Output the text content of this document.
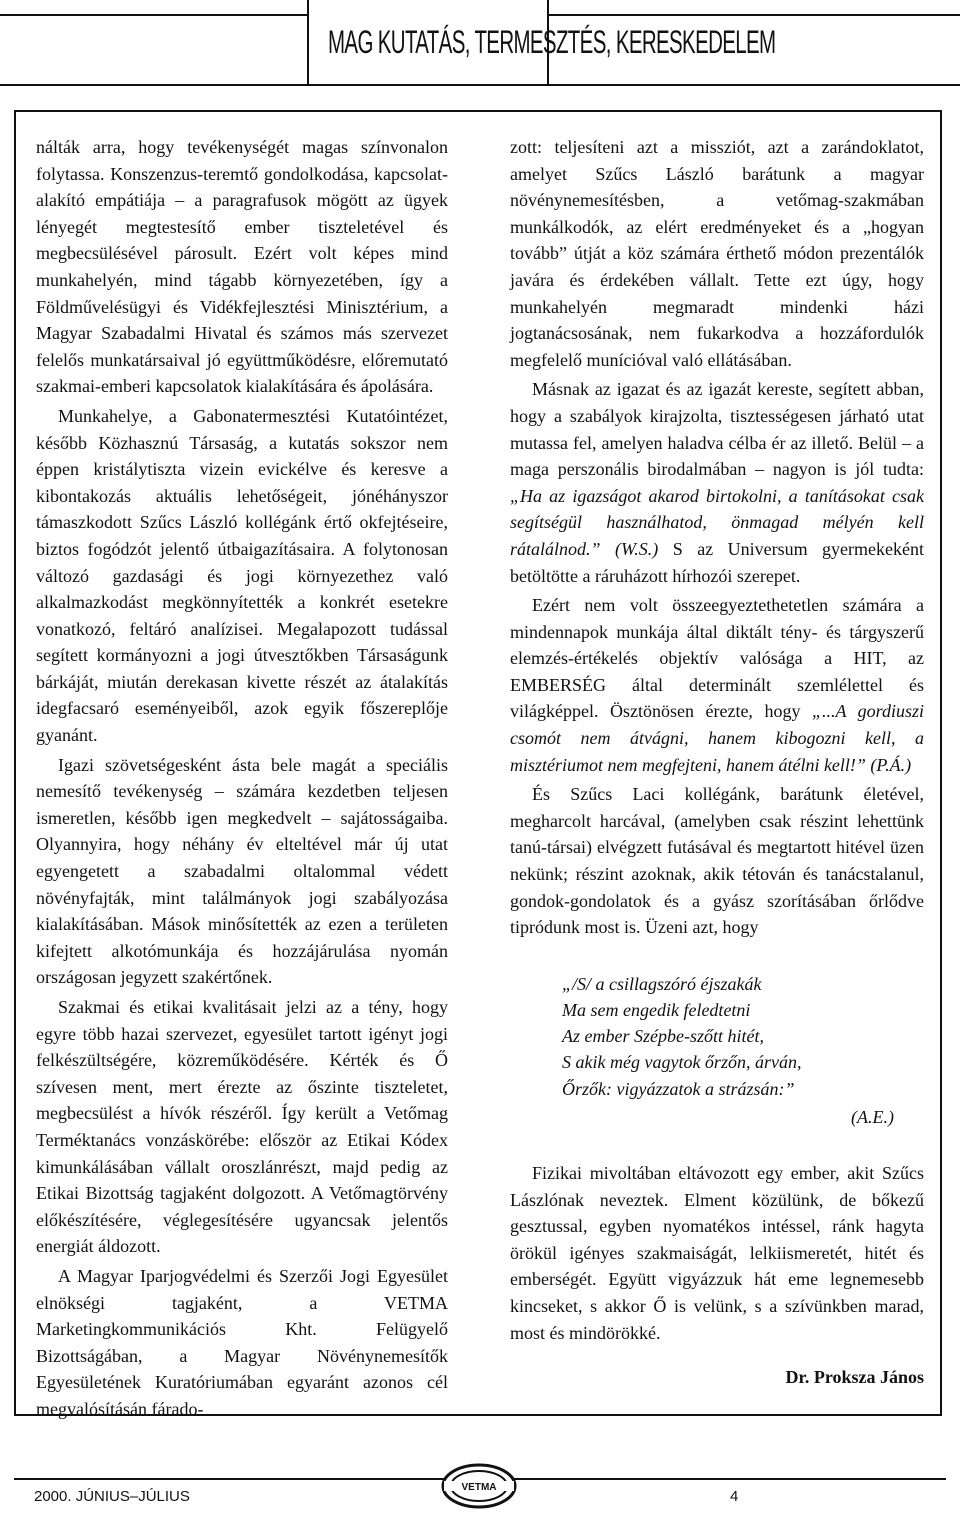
MAG KUTATÁS, TERMESZTÉS, KERESKEDELEM

nálták arra, hogy tevékenységét magas színvonalon folytassa. Konszenzus-teremtő gondolkodása, kapcsolat-alakító empátiája – a paragrafusok mögött az ügyek lényegét megtestesítő ember tiszteletével és megbecsülésével párosult. Ezért volt képes mind munkahelyén, mind tágabb környezetében, így a Földművelésügyi és Vidékfejlesztési Minisztérium, a Magyar Szabadalmi Hivatal és számos más szervezet felelős munkatársaival jó együttműködésre, előremutató szakmai-emberi kapcsolatok kialakítására és ápolására.

Munkahelye, a Gabonatermesztési Kutatóintézet, később Közhasznú Társaság, a kutatás sokszor nem éppen kristálytiszta vizein evickélve és keresve a kibontakozás aktuális lehetőségeit, jónéhányszor támaszkodott Szűcs László kollégánk értő okfejtéseire, biztos fogódzót jelentő útbaigazításaira. A folytonosan változó gazdasági és jogi környezethez való alkalmazkodást megkönnyítették a konkrét esetekre vonatkozó, feltáró analízisei. Megalapozott tudással segített kormányozni a jogi útvesztőkben Társaságunk bárkáját, miután derekasan kivette részét az átalakítás idegfacsaró eseményeiből, azok egyik főszereplője gyanánt.

Igazi szövetségesként ásta bele magát a speciális nemesítő tevékenység – számára kezdetben teljesen ismeretlen, később igen megkedvelt – sajátosságaiba. Olyannyira, hogy néhány év elteltével már új utat egyengetett a szabadalmi oltalommal védett növényfajták, mint találmányok jogi szabályozása kialakításában. Mások minősítették az ezen a területen kifejtett alkotómunkája és hozzájárulása nyomán országosan jegyzett szakértőnek.

Szakmai és etikai kvalitásait jelzi az a tény, hogy egyre több hazai szervezet, egyesület tartott igényt jogi felkészültségére, közreműködésére. Kérték és Ő szívesen ment, mert érezte az őszinte tiszteletet, megbecsülést a hívók részéről. Így került a Vetőmag Terméktanács vonzáskörébe: először az Etikai Kódex kimunkálásában vállalt oroszlánrészt, majd pedig az Etikai Bizottság tagjaként dolgozott. A Vetőmagtörvény előkészítésére, véglegesítésére ugyancsak jelentős energiát áldozott.

A Magyar Iparjogvédelmi és Szerzői Jogi Egyesület elnökségi tagjaként, a VETMA Marketingkommunikációs Kht. Felügyelő Bizottságában, a Magyar Növénynemesítők Egyesületének Kuratóriumában egyaránt azonos cél megvalósításán fárado-

zott: teljesíteni azt a missziót, azt a zarándoklatot, amelyet Szűcs László barátunk a magyar növénynemesítésben, a vetőmag-szakmában munkálkodók, az elért eredményeket és a „hogyan tovább” útját a köz számára érthető módon prezentálók javára és érdekében vállalt. Tette ezt úgy, hogy munkahelyén megmaradt mindenki házi jogtanácsosának, nem fukarkodva a hozzáfordulók megfelelő munícióval való ellátásában.

Másnak az igazat és az igazát kereste, segített abban, hogy a szabályok kirajzolta, tisztességesen járható utat mutassa fel, amelyen haladva célba ér az illető. Belül – a maga perszonális birodalmában – nagyon is jól tudta: „Ha az igazságot akarod birtokolni, a tanításokat csak segítségül használhatod, önmagad mélyén kell rátalálnod.” (W.S.) S az Universum gyermekeként betöltötte a ráruházott hírhozói szerepet.

Ezért nem volt összeegyeztethetetlen számára a mindennapok munkája által diktált tény- és tárgyszerű elemzés-értékelés objektív valósága a HIT, az EMBERSÉG által determinált szemlélettel és világképpel. Ösztönösen érezte, hogy „...A gordiuszi csomót nem átvágni, hanem kibogozni kell, a misztériumot nem megfejteni, hanem átélni kell!” (P.Á.)

És Szűcs Laci kollégánk, barátunk életével, megharcolt harcával, (amelyben csak részint lehettünk tanú-társai) elvégzett futásával és megtartott hitével üzen nekünk; részint azoknak, akik tétován és tanácstalanul, gondok-gondolatok és a gyász szorításában őrlődve tipródunk most is. Üzeni azt, hogy

„/S/ a csillagszóró éjszakák
Ma sem engedik feledtetni
Az ember Szépbe-szőtt hitét,
S akik még vagytok őrzőn, árván,
Őrzők: vigyázzatok a strázsán:”
(A.E.)

Fizikai mivoltában eltávozott egy ember, akit Szűcs Lászlónak neveztek. Elment közülünk, de bőkezű gesztussal, egyben nyomatékos intéssel, ránk hagyta örökül igényes szakmaiságát, lelkiismeretét, hitét és emberségét. Együtt vigyázzuk hát eme legnemesebb kincseket, s akkor Ő is velünk, s a szívünkben marad, most és mindörökké.

Dr. Proksza János
2000. JÚNIUS–JÚLIUS
VETMA
4
